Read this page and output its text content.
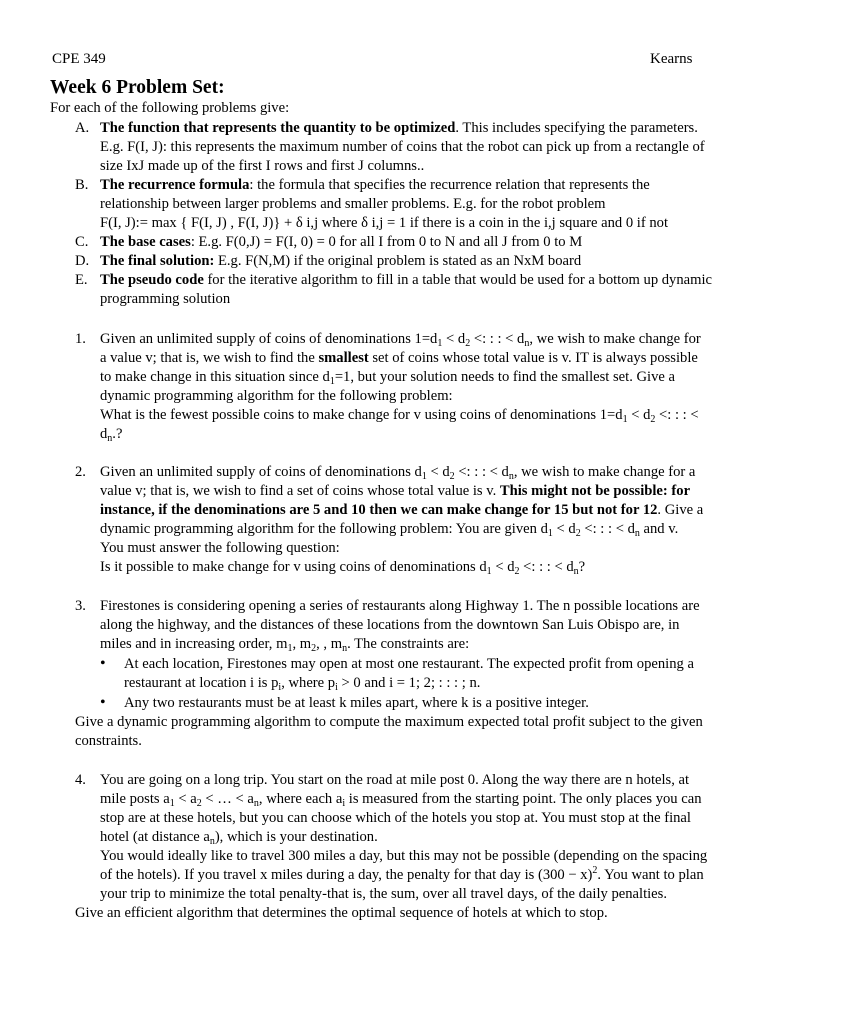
CPE 349	Kearns
Week 6 Problem Set:
For each of the following problems give:
A. The function that represents the quantity to be optimized. This includes specifying the parameters.
E.g. F(I, J): this represents the maximum number of coins that the robot can pick up from a rectangle of
size IxJ made up of the first I rows and first J columns..
B. The recurrence formula: the formula that specifies the recurrence relation that represents the
relationship between larger problems and smaller problems. E.g. for the robot problem
F(I, J):= max { F(I, J) , F(I, J)} + δ i,j where δ i,j = 1 if there is a coin in the i,j square and 0 if not
C. The base cases: E.g. F(0,J) = F(I, 0) = 0 for all I from 0 to N and all J from 0 to M
D. The final solution: E.g. F(N,M) if the original problem is stated as an NxM board
E. The pseudo code for the iterative algorithm to fill in a table that would be used for a bottom up dynamic
programming solution
1. Given an unlimited supply of coins of denominations $1=d_1 < d_2$ <: : : < $d_n$, we wish to make change for
a value v; that is, we wish to find the smallest set of coins whose total value is v. IT is always possible
to make change in this situation since $d_1=1$, but your solution needs to find the smallest set. Give a
dynamic programming algorithm for the following problem:
What is the fewest possible coins to make change for v using coins of denominations $1=d_1 < d_2$ <: : : <
$d_n$.?
2. Given an unlimited supply of coins of denominations $d_1 < d_2$ <: : : < $d_n$, we wish to make change for a
value v; that is, we wish to find a set of coins whose total value is v. This might not be possible: for
instance, if the denominations are 5 and 10 then we can make change for 15 but not for 12. Give a
dynamic programming algorithm for the following problem: You are given $d_1 < d_2$ <: : : < $d_n$ and v.
You must answer the following question:
Is it possible to make change for v using coins of denominations $d_1 < d_2$ <: : : < $d_n$?
3. Firestones is considering opening a series of restaurants along Highway 1. The n possible locations are
along the highway, and the distances of these locations from the downtown San Luis Obispo are, in
miles and in increasing order, $m_1$, $m_2$, , $m_n$. The constraints are:
• At each location, Firestones may open at most one restaurant. The expected profit from opening a
restaurant at location i is $p_i$, where $p_i > 0$ and i = 1; 2; : : : ; n.
• Any two restaurants must be at least k miles apart, where k is a positive integer.
Give a dynamic programming algorithm to compute the maximum expected total profit subject to the given
constraints.
4. You are going on a long trip. You start on the road at mile post 0. Along the way there are n hotels, at
mile posts $a_1 < a_2$ < … < $a_n$, where each $a_i$ is measured from the starting point. The only places you can
stop are at these hotels, but you can choose which of the hotels you stop at. You must stop at the final
hotel (at distance $a_n$), which is your destination.
You would ideally like to travel 300 miles a day, but this may not be possible (depending on the spacing
of the hotels). If you travel x miles during a day, the penalty for that day is $(300 - x)^2$. You want to plan
your trip to minimize the total penalty-that is, the sum, over all travel days, of the daily penalties.
Give an efficient algorithm that determines the optimal sequence of hotels at which to stop.
